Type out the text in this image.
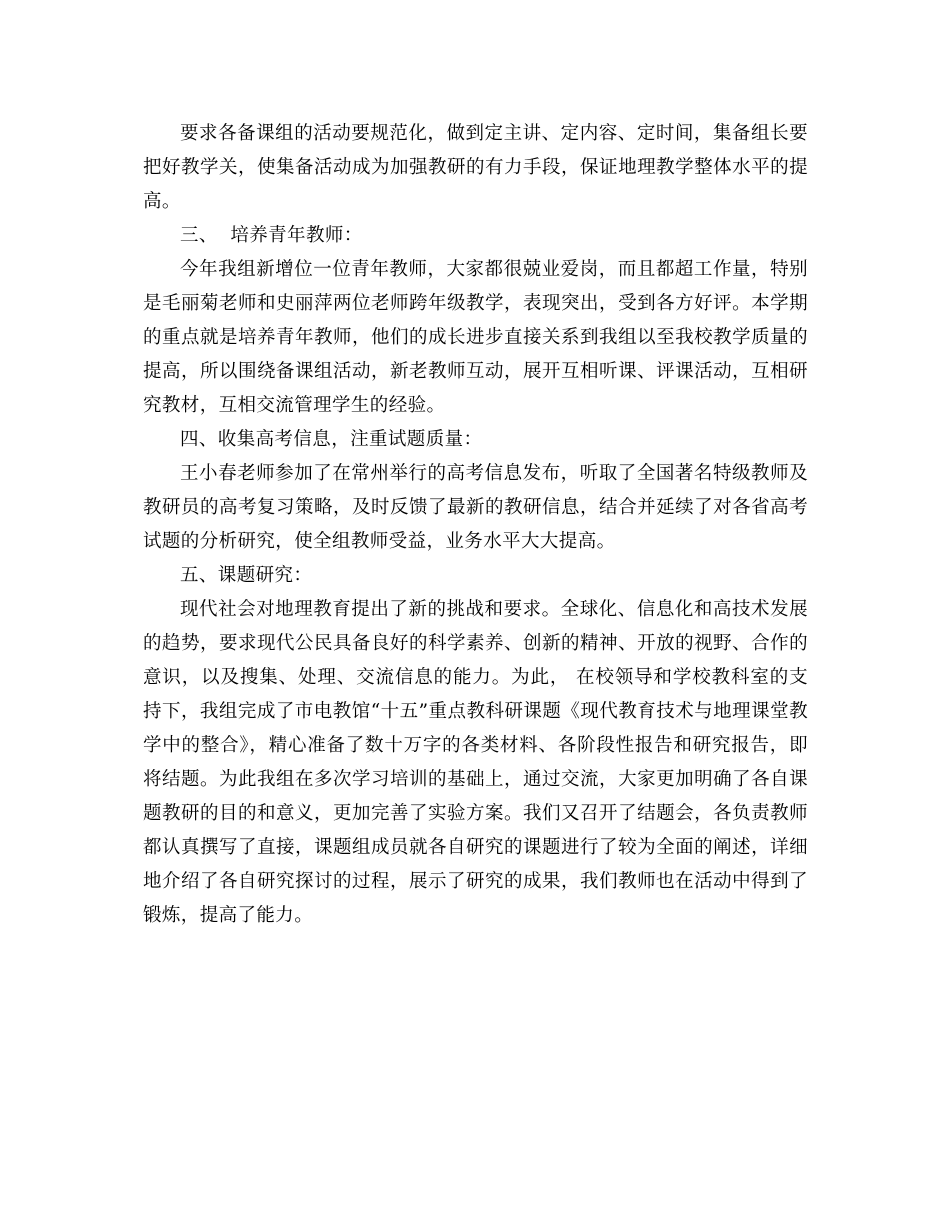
要求各备课组的活动要规范化，做到定主讲、定内容、定时间，集备组长要把好教学关，使集备活动成为加强教研的有力手段，保证地理教学整体水平的提高。

三、  培养青年教师：

今年我组新增位一位青年教师，大家都很兢业爱岗，而且都超工作量，特别是毛丽菊老师和史丽萍两位老师跨年级教学，表现突出，受到各方好评。本学期的重点就是培养青年教师，他们的成长进步直接关系到我组以至我校教学质量的提高，所以围绕备课组活动，新老教师互动，展开互相听课、评课活动，互相研究教材，互相交流管理学生的经验。

四、收集高考信息，注重试题质量：

王小春老师参加了在常州举行的高考信息发布，听取了全国著名特级教师及教研员的高考复习策略，及时反馈了最新的教研信息，结合并延续了对各省高考试题的分析研究，使全组教师受益，业务水平大大提高。

五、课题研究：

现代社会对地理教育提出了新的挑战和要求。全球化、信息化和高技术发展的趋势，要求现代公民具备良好的科学素养、创新的精神、开放的视野、合作的意识，以及搜集、处理、交流信息的能力。为此， 在校领导和学校教科室的支持下，我组完成了市电教馆“十五”重点教科研课题《现代教育技术与地理课堂教学中的整合》，精心准备了数十万字的各类材料、各阶段性报告和研究报告，即将结题。为此我组在多次学习培训的基础上，通过交流，大家更加明确了各自课题教研的目的和意义，更加完善了实验方案。我们又召开了结题会，各负责教师都认真撰写了直接，课题组成员就各自研究的课题进行了较为全面的阐述，详细地介绍了各自研究探讨的过程，展示了研究的成果，我们教师也在活动中得到了锻炼，提高了能力。
